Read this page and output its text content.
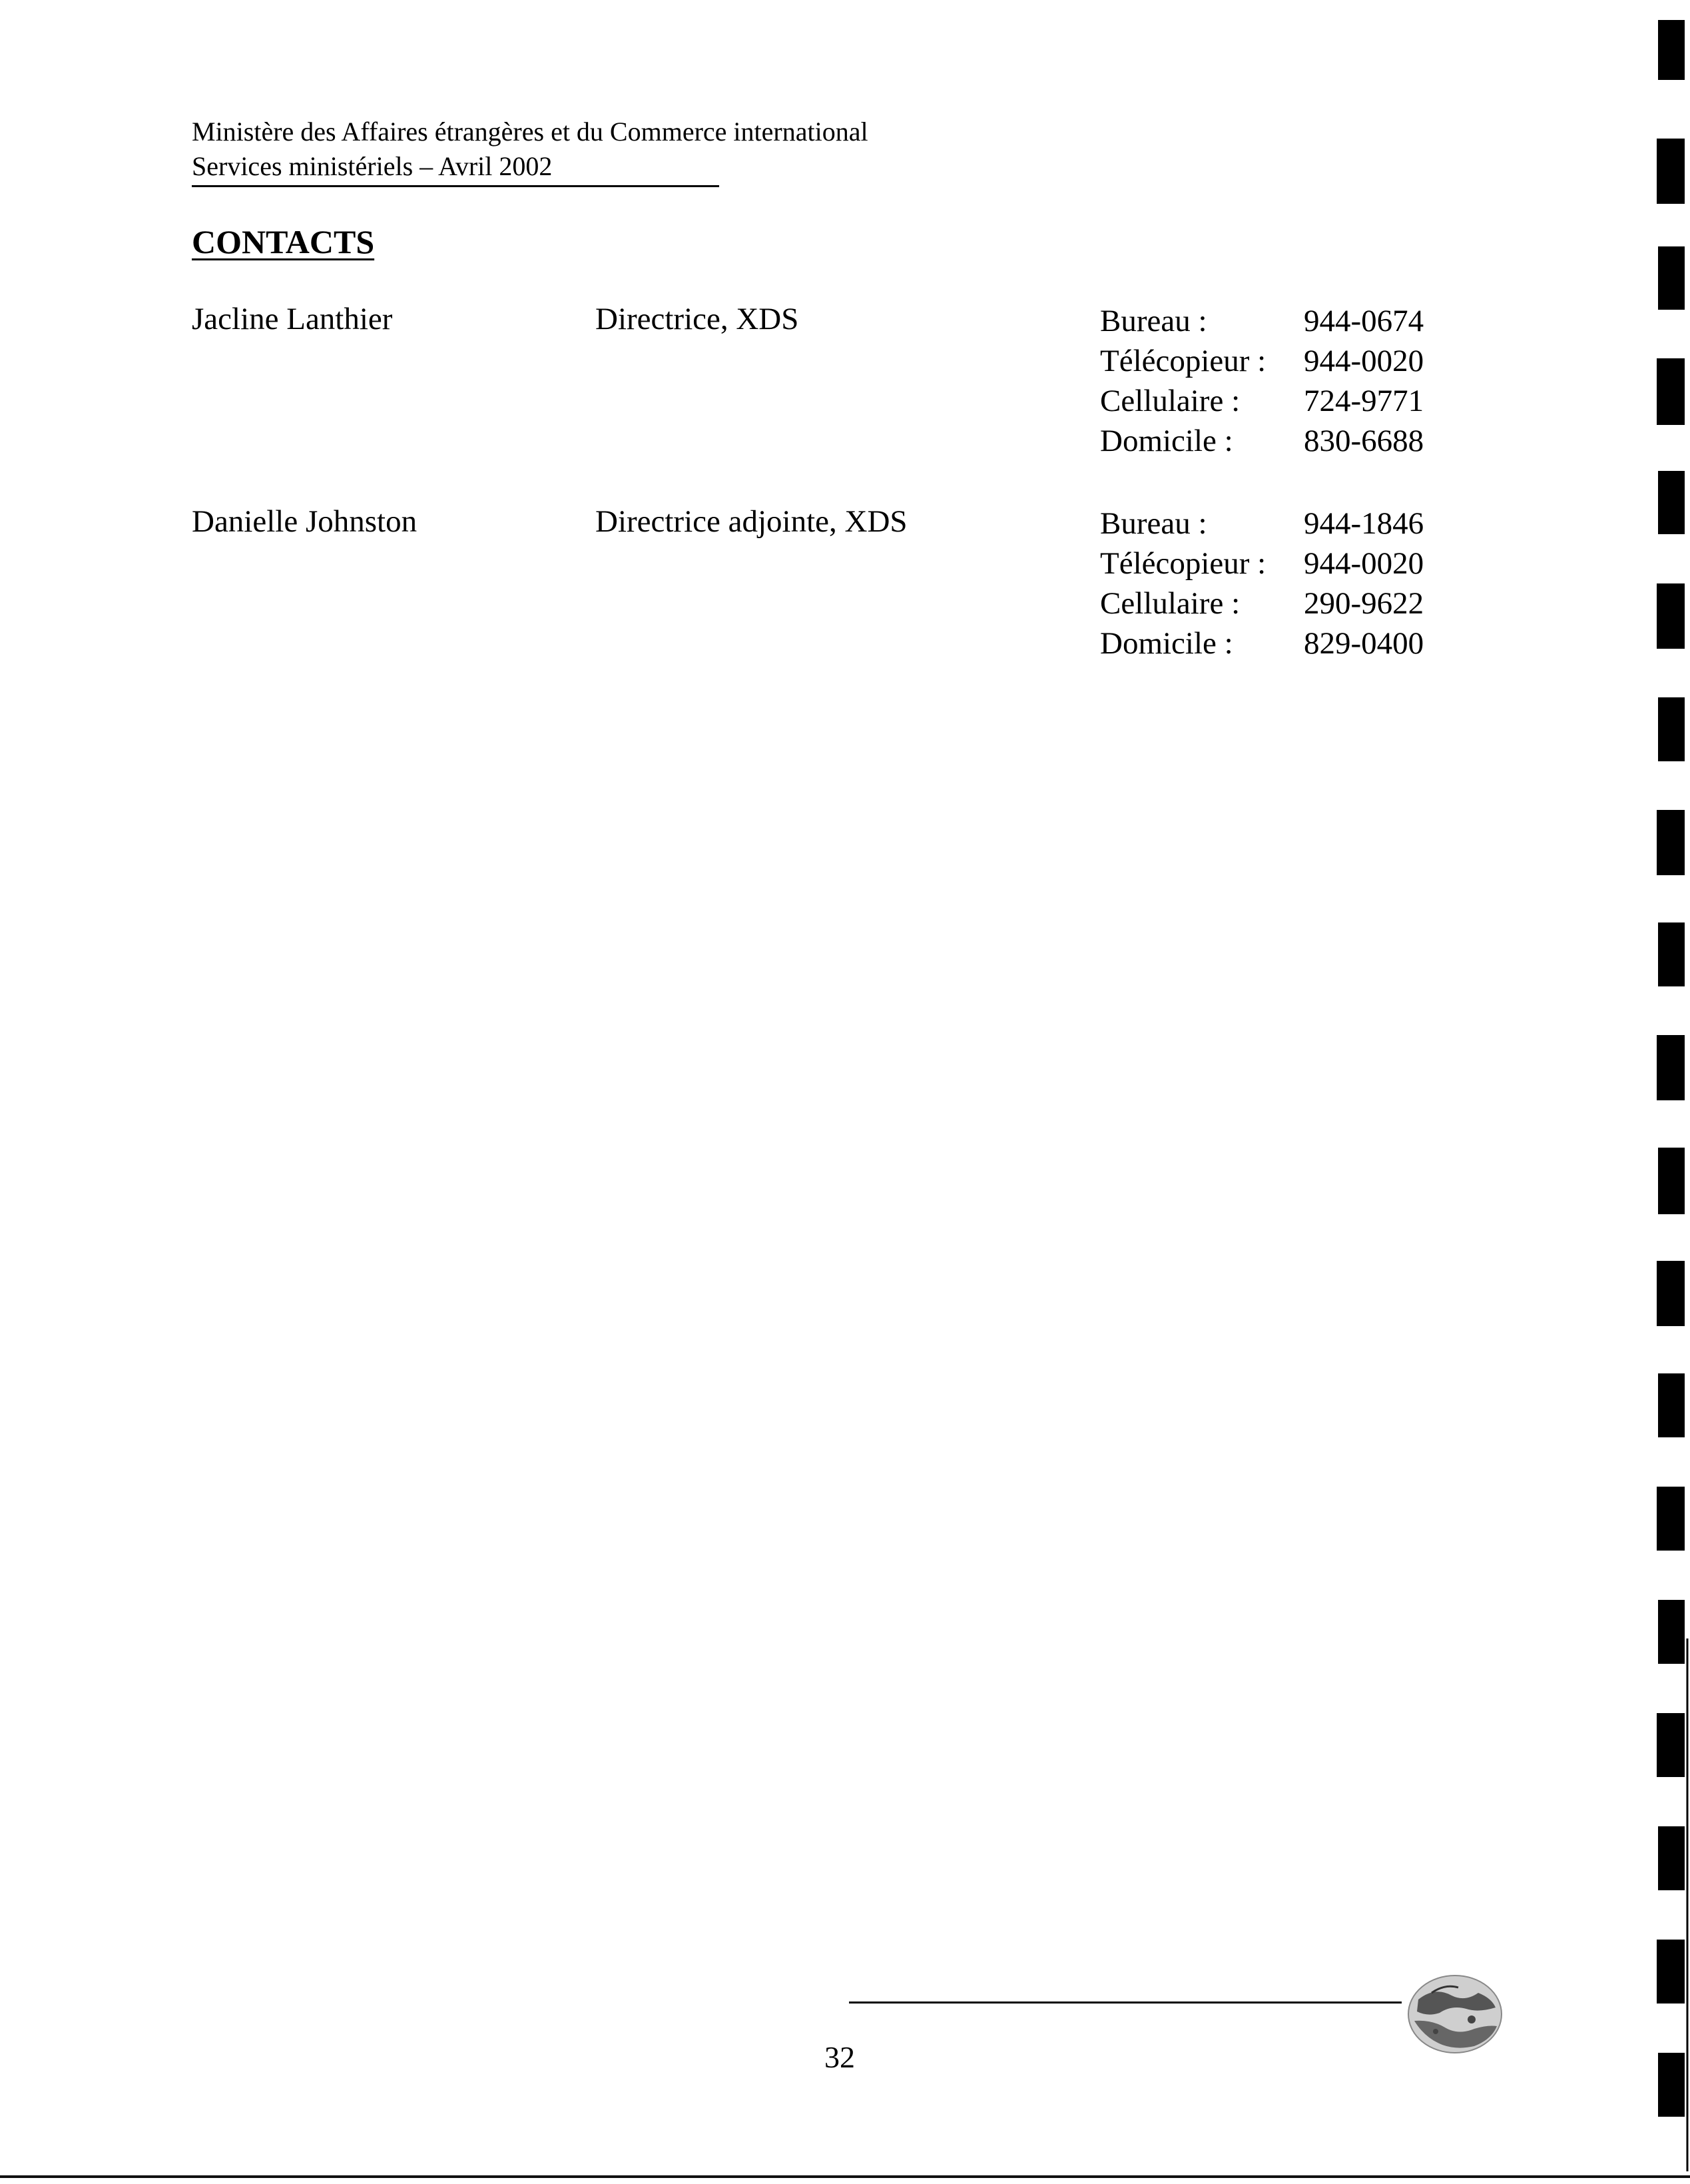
Ministère des Affaires étrangères et du Commerce international
Services ministériels – Avril 2002
CONTACTS
Jacline Lanthier	Directrice, XDS	Bureau :	944-0674
Télécopieur :	944-0020
Cellulaire :	724-9771
Domicile :	830-6688
Danielle Johnston	Directrice adjointe, XDS	Bureau :	944-1846
Télécopieur :	944-0020
Cellulaire :	290-9622
Domicile :	829-0400
32
